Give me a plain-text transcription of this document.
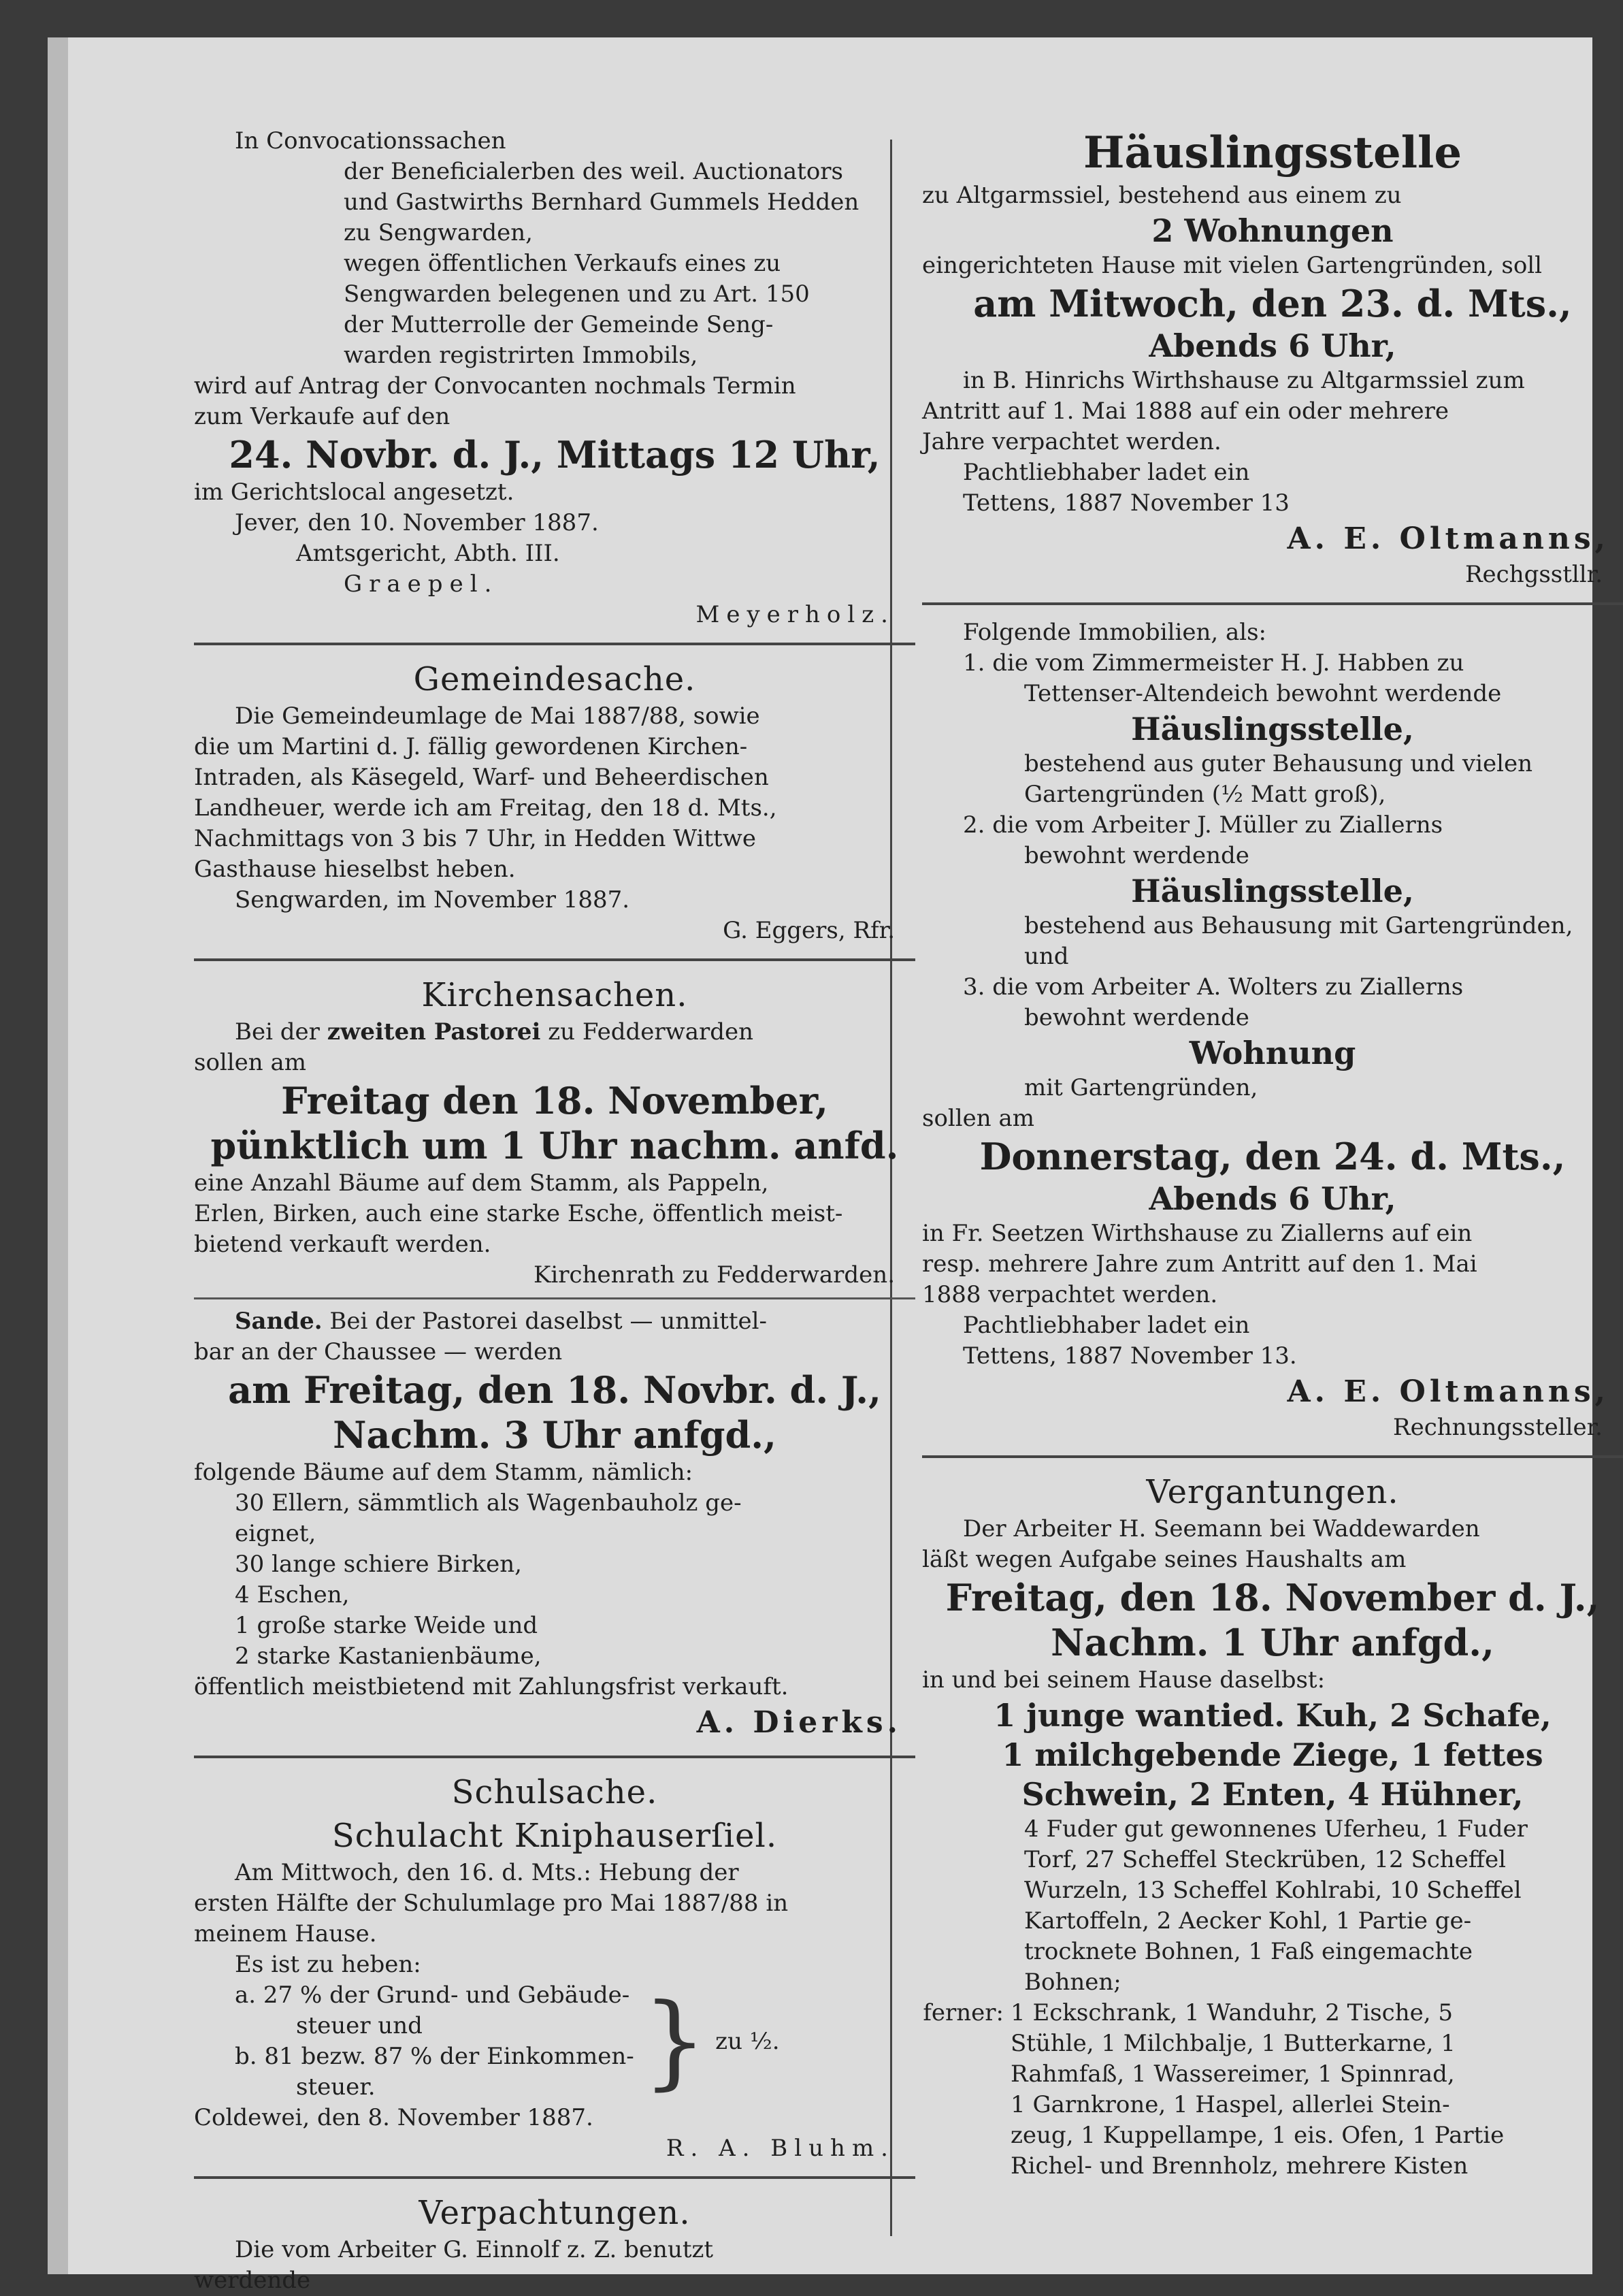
In Convocationssachen
der Beneficialerben des weil. Auctionators
und Gastwirths Bernhard Gummels Hedden
zu Sengwarden,
wegen öffentlichen Verkaufs eines zu
Sengwarden belegenen und zu Art. 150
der Mutterrolle der Gemeinde Seng-
warden registrirten Immobils,
wird auf Antrag der Convocanten nochmals Termin
zum Verkaufe auf den
24. Novbr. d. J., Mittags 12 Uhr,
im Gerichtslocal angesetzt.
Jever, den 10. November 1887.
Amtsgericht, Abth. III.
Graepel.
Meyerholz.
Gemeindesache.
Die Gemeindeumlage de Mai 1887/88, sowie
die um Martini d. J. fällig gewordenen Kirchen-
Intraden, als Käsegeld, Warf- und Beheerdischen
Landheuer, werde ich am Freitag, den 18 d. Mts.,
Nachmittags von 3 bis 7 Uhr, in Hedden Wittwe
Gasthause hieselbst heben.
Sengwarden, im November 1887.
G. Eggers, Rfr.
Kirchensachen.
Bei der zweiten Pastorei zu Fedderwarden
sollen am
Freitag den 18. November,
pünktlich um 1 Uhr nachm. anfd.
eine Anzahl Bäume auf dem Stamm, als Pappeln,
Erlen, Birken, auch eine starke Esche, öffentlich meist-
bietend verkauft werden.
Kirchenrath zu Fedderwarden.
Sande. Bei der Pastorei daselbst — unmittel-
bar an der Chaussee — werden
am Freitag, den 18. Novbr. d. J.,
Nachm. 3 Uhr anfgd.,
folgende Bäume auf dem Stamm, nämlich:
30 Ellern, sämmtlich als Wagenbauholz ge-
eignet,
30 lange schiere Birken,
4 Eschen,
1 große starke Weide und
2 starke Kastanienbäume,
öffentlich meistbietend mit Zahlungsfrist verkauft.
A. Dierks.
Schulsache.
Schulacht Kniphauserſiel.
Am Mittwoch, den 16. d. Mts.: Hebung der
ersten Hälfte der Schulumlage pro Mai 1887/88 in
meinem Hause.
Es ist zu heben:
a. 27 % der Grund- und Gebäude-
steuer und
b. 81 bezw. 87 % der Einkommen-
steuer.	} zu ½.
Coldewei, den 8. November 1887.
R. A. Bluhm.
Verpachtungen.
Die vom Arbeiter G. Einnolf z. Z. benutzt
werdende
Häuslingsstelle
zu Altgarmssiel, bestehend aus einem zu
2 Wohnungen
eingerichteten Hause mit vielen Gartengründen, soll
am Mitwoch, den 23. d. Mts.,
Abends 6 Uhr,
in B. Hinrichs Wirthshause zu Altgarmssiel zum
Antritt auf 1. Mai 1888 auf ein oder mehrere
Jahre verpachtet werden.
Pachtliebhaber ladet ein
Tettens, 1887 November 13
A. E. Oltmanns,
Rechgsstllr.
Folgende Immobilien, als:
1. die vom Zimmermeister H. J. Habben zu
Tettenser-Altendeich bewohnt werdende
Häuslingsstelle,
bestehend aus guter Behausung und vielen
Gartengründen (½ Matt groß),
2. die vom Arbeiter J. Müller zu Ziallerns
bewohnt werdende
Häuslingsstelle,
bestehend aus Behausung mit Gartengründen,
und
3. die vom Arbeiter A. Wolters zu Ziallerns
bewohnt werdende
Wohnung
mit Gartengründen,
sollen am
Donnerstag, den 24. d. Mts.,
Abends 6 Uhr,
in Fr. Seetzen Wirthshause zu Ziallerns auf ein
resp. mehrere Jahre zum Antritt auf den 1. Mai
1888 verpachtet werden.
Pachtliebhaber ladet ein
Tettens, 1887 November 13.
A. E. Oltmanns,
Rechnungssteller.
Vergantungen.
Der Arbeiter H. Seemann bei Waddewarden
läßt wegen Aufgabe seines Haushalts am
Freitag, den 18. November d. J.,
Nachm. 1 Uhr anfgd.,
in und bei seinem Hause daselbst:
1 junge wantied. Kuh, 2 Schafe,
1 milchgebende Ziege, 1 fettes
Schwein, 2 Enten, 4 Hühner,
4 Fuder gut gewonnenes Uferheu, 1 Fuder
Torf, 27 Scheffel Steckrüben, 12 Scheffel
Wurzeln, 13 Scheffel Kohlrabi, 10 Scheffel
Kartoffeln, 2 Aecker Kohl, 1 Partie ge-
trocknete Bohnen, 1 Faß eingemachte
Bohnen;
ferner: 1 Eckschrank, 1 Wanduhr, 2 Tische, 5
Stühle, 1 Milchbalje, 1 Butterkarne, 1
Rahmfaß, 1 Wassereimer, 1 Spinnrad,
1 Garnkrone, 1 Haspel, allerlei Stein-
zeug, 1 Kuppellampe, 1 eis. Ofen, 1 Partie
Richel- und Brennholz, mehrere Kisten
